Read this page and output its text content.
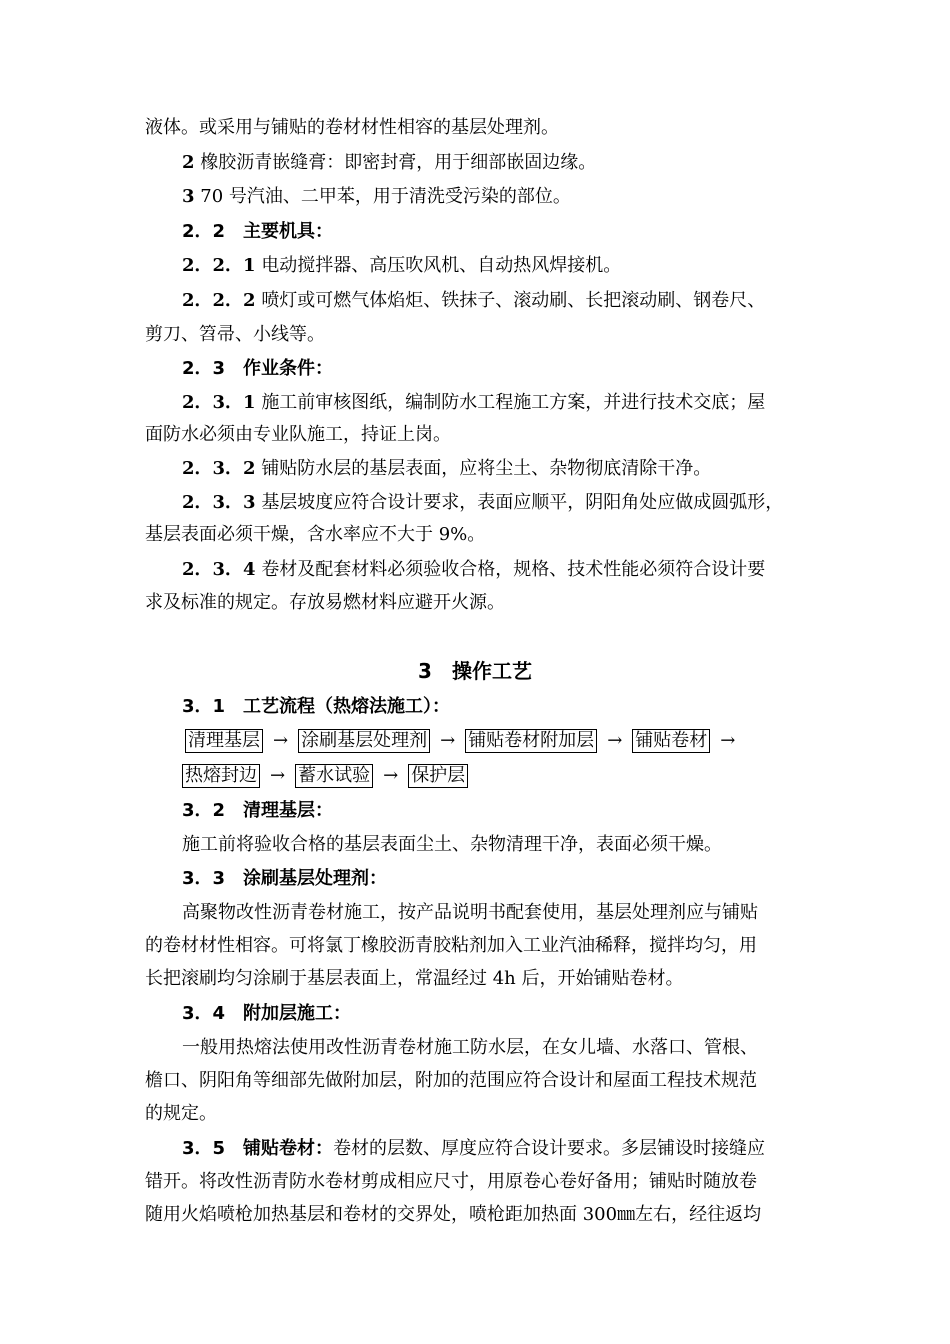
液体。或采用与铺贴的卷材材性相容的基层处理剂。
2 橡胶沥青嵌缝膏：即密封膏，用于细部嵌固边缘。
3 70 号汽油、二甲苯，用于清洗受污染的部位。
2．2　主要机具：
2．2．1 电动搅拌器、高压吹风机、自动热风焊接机。
2．2．2 喷灯或可燃气体焰炬、铁抹子、滚动刷、长把滚动刷、钢卷尺、
剪刀、笤帚、小线等。
2．3　作业条件：
2．3．1 施工前审核图纸，编制防水工程施工方案，并进行技术交底；屋
面防水必须由专业队施工，持证上岗。
2．3．2 铺贴防水层的基层表面，应将尘土、杂物彻底清除干净。
2．3．3 基层坡度应符合设计要求，表面应顺平，阴阳角处应做成圆弧形，
基层表面必须干燥，含水率应不大于 9%。
2．3．4 卷材及配套材料必须验收合格，规格、技术性能必须符合设计要
求及标准的规定。存放易燃材料应避开火源。
3　操作工艺
3．1　工艺流程（热熔法施工）：
清理基层 → 涂刷基层处理剂 → 铺贴卷材附加层 → 铺贴卷材 →
热熔封边 → 蓄水试验 → 保护层
3．2　清理基层：
施工前将验收合格的基层表面尘土、杂物清理干净，表面必须干燥。
3．3　涂刷基层处理剂：
高聚物改性沥青卷材施工，按产品说明书配套使用，基层处理剂应与铺贴
的卷材材性相容。可将氯丁橡胶沥青胶粘剂加入工业汽油稀释，搅拌均匀，用
长把滚刷均匀涂刷于基层表面上，常温经过 4h 后，开始铺贴卷材。
3．4　附加层施工：
一般用热熔法使用改性沥青卷材施工防水层，在女儿墙、水落口、管根、
檐口、阴阳角等细部先做附加层，附加的范围应符合设计和屋面工程技术规范
的规定。
3．5　铺贴卷材：卷材的层数、厚度应符合设计要求。多层铺设时接缝应
错开。将改性沥青防水卷材剪成相应尺寸，用原卷心卷好备用；铺贴时随放卷
随用火焰喷枪加热基层和卷材的交界处，喷枪距加热面 300㎜左右，经往返均
